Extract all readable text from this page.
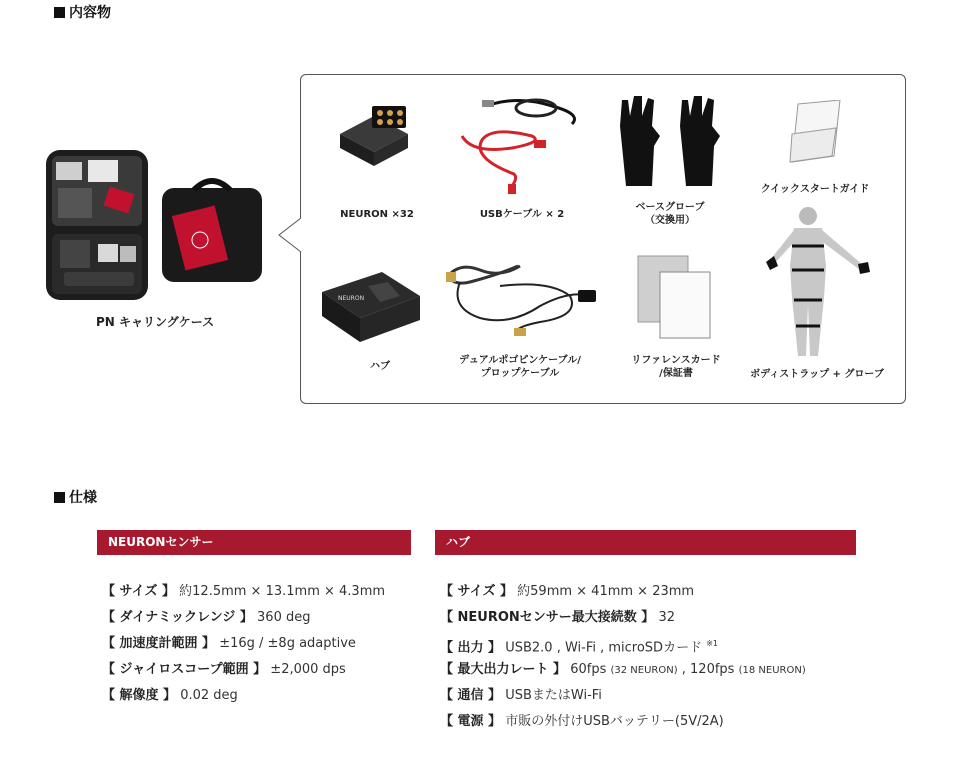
内容物
PN キャリングケース
NEURON ×32	USBケーブル × 2
ベースグローブ
（交換用）
クイックスタートガイド
NEURON
ハブ
デュアルポゴピンケーブル/
プロップケーブル
リファレンスカード
/保証書	ボディストラップ + グローブ
仕様
NEURONセンサー
【 サイズ 】 約12.5mm × 13.1mm × 4.3mm
【 ダイナミックレンジ 】 360 deg
【 加速度計範囲 】 ±16g / ±8g adaptive
【 ジャイロスコープ範囲 】 ±2,000 dps
【 解像度 】 0.02 deg
ハブ
【 サイズ 】 約59mm × 41mm × 23mm
【 NEURONセンサー最大接続数 】 32
【 出力 】 USB2.0 , Wi-Fi , microSDカード $^{※1}$
【 最大出力レート 】 60fps (32 NEURON) , 120fps (18 NEURON)
【 通信 】 USBまたはWi-Fi
【 電源 】 市販の外付けUSBバッテリー(5V/2A)
